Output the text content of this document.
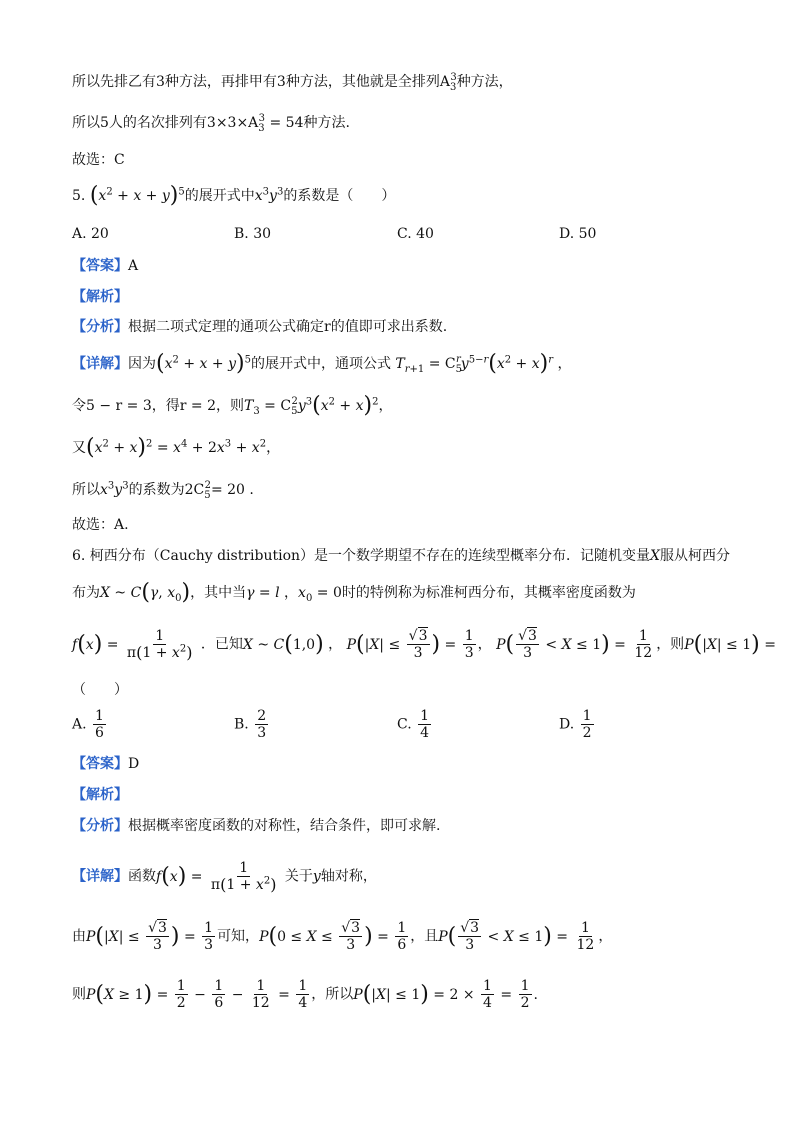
所以先排乙有3种方法，再排甲有3种方法，其他就是全排列$A_3^3$种方法，
所以5人的名次排列有$3\times 3\times A_3^3 = 54$种方法.
故选：C
5. $(x^2 + x + y)^5$的展开式中$x^3y^3$的系数是（　　）
A. 20	B. 30	C. 40	D. 50
【答案】A
【解析】
【分析】根据二项式定理的通项公式确定r的值即可求出系数.
【详解】因为$(x^2 + x + y)^5$的展开式中，通项公式 $T_{r+1} = C_5^ry^{5-r}(x^2 + x)^r$ ，
令5 − r = 3，得r = 2，则$T_3 = C_5^2y^3(x^2 + x)^2$，
又$(x^2 + x)^2 = x^4 + 2x^3 + x^2$，
所以$x^3y^3$的系数为$2C_5^2= 20$ .
故选：A.
6. 柯西分布（Cauchy distribution）是一个数学期望不存在的连续型概率分布．记随机变量X服从柯西分
布为X ~ C(γ, $x_0$)，其中当γ = l ，$x_0 = 0$时的特例称为标准柯西分布，其概率密度函数为
$f(x) = \frac{1}{\pi(1 + x^2)}$ ．已知X ~ C(1,0) ， $P(|X| \le \frac{√3}{3}$ ) = $\frac{1}{3}$ ， $P( \frac{√3}{3} < X \le 1) = \frac{1}{12}$ ，则P(|X| ≤ 1) =
（　　）
A. $\frac{1}{6}$	B. $\frac{2}{3}$	C. $\frac{1}{4}$	D. $\frac{1}{2}$
【答案】D
【解析】
【分析】根据概率密度函数的对称性，结合条件，即可求解.
【详解】函数$f(x) = \frac{1}{\pi(1 + x^2)}$ 关于y轴对称，
由$P(|X| \le \frac{√3}{3}$ ) = $\frac{1}{3}$ 可知，$P(0 \le X \le \frac{√3}{3}$ ) = $\frac{1}{6}$ ，且$P( \frac{√3}{3} < X \le 1) = \frac{1}{12}$ ，
则$P(X \ge 1) = \frac{1}{2} - \frac{1}{6} - \frac{1}{12} = \frac{1}{4}$ ，所以$P(|X| \le 1) = 2 \times \frac{1}{4} = \frac{1}{2}$ .
